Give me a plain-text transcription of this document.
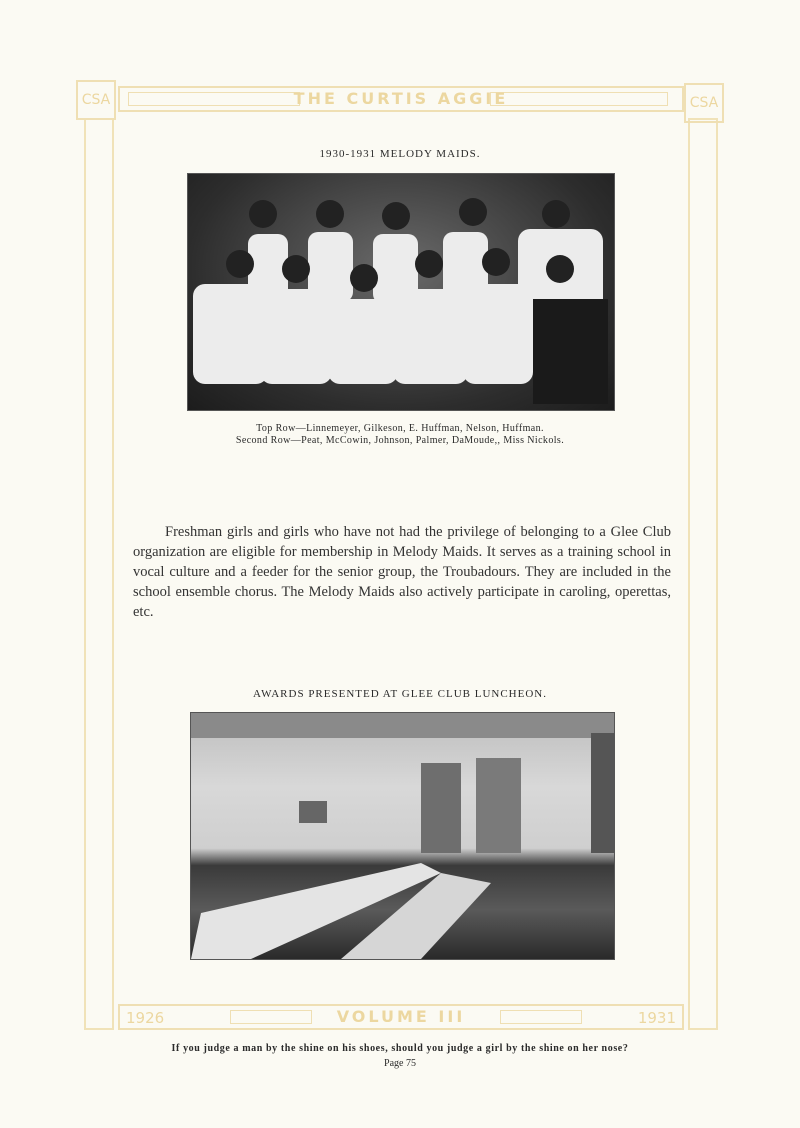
CSA	CSA
THE CURTIS AGGIE
1930-1931 MELODY MAIDS.
Top Row—Linnemeyer, Gilkeson, E. Huffman, Nelson, Huffman.
Second Row—Peat, McCowin, Johnson, Palmer, DaMoude,, Miss Nickols.

Freshman girls and girls who have not had the privilege of belonging to a Glee Club organization are eligible for membership in Melody Maids. It serves as a training school in vocal culture and a feeder for the senior group, the Troubadours. They are included in the school ensemble chorus. The Melody Maids also actively participate in caroling, operettas, etc.

AWARDS PRESENTED AT GLEE CLUB LUNCHEON.
1926	VOLUME III	1931
If you judge a man by the shine on his shoes, should you judge a girl by the shine on her nose?
Page 75
